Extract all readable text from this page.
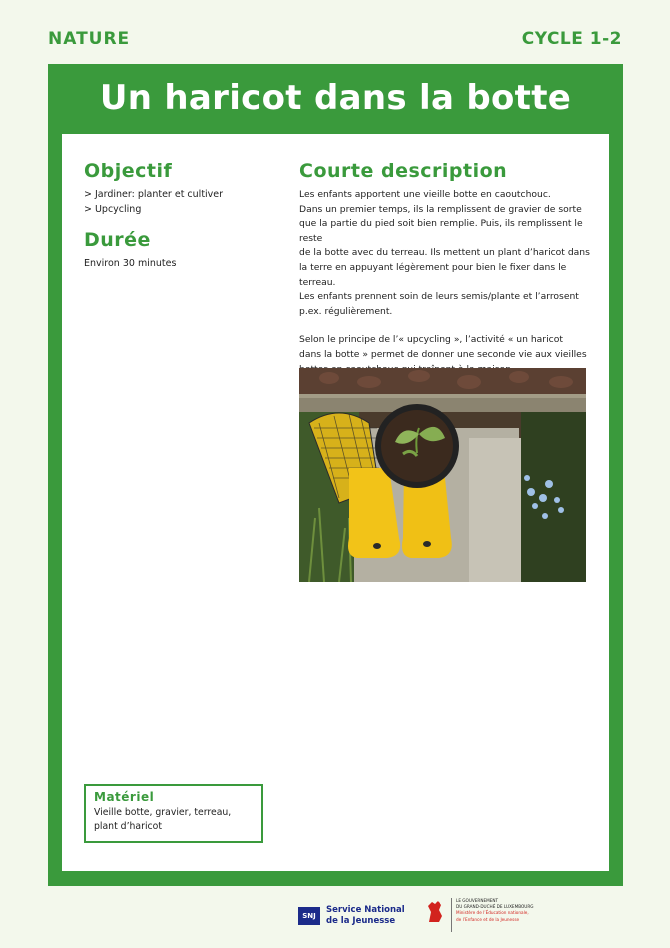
NATURE	CYCLE 1-2
Un haricot dans la botte
Objectif
> Jardiner: planter et cultiver
> Upcycling
Durée
Environ 30 minutes
Courte description

Les enfants apportent une vieille botte en caoutchouc.

Dans un premier temps, ils la remplissent de gravier de sorte

que la partie du pied soit bien remplie. Puis, ils remplissent le reste

de la botte avec du terreau. Ils mettent un plant d’haricot dans

la terre en appuyant légèrement pour bien le fixer dans le terreau.

Les enfants prennent soin de leurs semis/plante et l’arrosent

p.ex. régulièrement.

Selon le principe de l’« upcycling », l’activité « un haricot

dans la botte » permet de donner une seconde vie aux vieilles

Matériel
Vieille botte, gravier, terreau,
plant d’haricot
SNJ
Service National
de la Jeunesse
LE GOUVERNEMENT
DU GRAND-DUCHÉ DE LUXEMBOURG
Ministère de l’Éducation nationale,
de l’Enfance et de la Jeunesse
